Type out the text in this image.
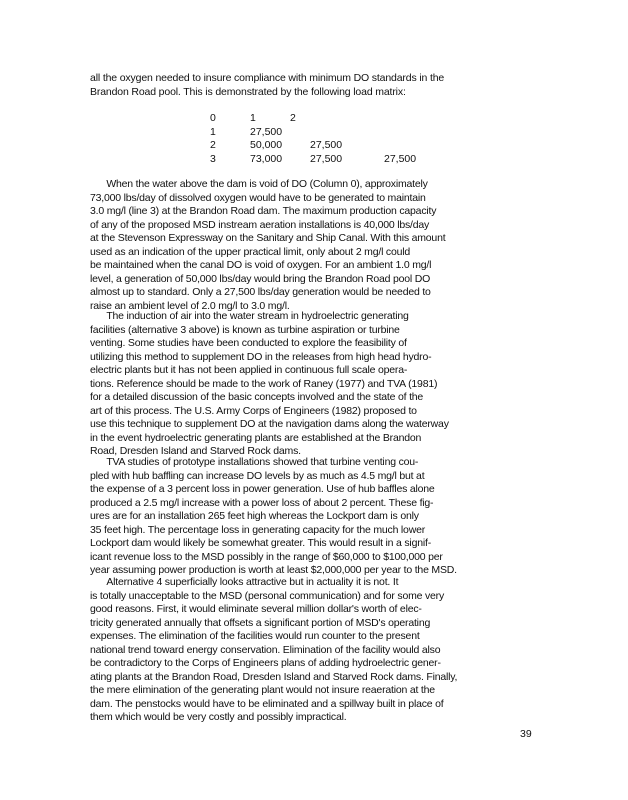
all the oxygen needed to insure compliance with minimum DO standards in the
Brandon Road pool. This is demonstrated by the following load matrix:
0	1	2
1	27,500
2	50,000	27,500
3	73,000	27,500	27,500
When the water above the dam is void of DO (Column 0), approximately
73,000 lbs/day of dissolved oxygen would have to be generated to maintain
3.0 mg/l (line 3) at the Brandon Road dam. The maximum production capacity
of any of the proposed MSD instream aeration installations is 40,000 lbs/day
at the Stevenson Expressway on the Sanitary and Ship Canal. With this amount
used as an indication of the upper practical limit, only about 2 mg/l could
be maintained when the canal DO is void of oxygen. For an ambient 1.0 mg/l
level, a generation of 50,000 lbs/day would bring the Brandon Road pool DO
almost up to standard. Only a 27,500 lbs/day generation would be needed to
raise an ambient level of 2.0 mg/l to 3.0 mg/l.
The induction of air into the water stream in hydroelectric generating
facilities (alternative 3 above) is known as turbine aspiration or turbine
venting. Some studies have been conducted to explore the feasibility of
utilizing this method to supplement DO in the releases from high head hydro-
electric plants but it has not been applied in continuous full scale opera-
tions. Reference should be made to the work of Raney (1977) and TVA (1981)
for a detailed discussion of the basic concepts involved and the state of the
art of this process. The U.S. Army Corps of Engineers (1982) proposed to
use this technique to supplement DO at the navigation dams along the waterway
in the event hydroelectric generating plants are established at the Brandon
Road, Dresden Island and Starved Rock dams.
TVA studies of prototype installations showed that turbine venting cou-
pled with hub baffling can increase DO levels by as much as 4.5 mg/l but at
the expense of a 3 percent loss in power generation. Use of hub baffles alone
produced a 2.5 mg/l increase with a power loss of about 2 percent. These fig-
ures are for an installation 265 feet high whereas the Lockport dam is only
35 feet high. The percentage loss in generating capacity for the much lower
Lockport dam would likely be somewhat greater. This would result in a signif-
icant revenue loss to the MSD possibly in the range of $60,000 to $100,000 per
year assuming power production is worth at least $2,000,000 per year to the MSD.
Alternative 4 superficially looks attractive but in actuality it is not. It
is totally unacceptable to the MSD (personal communication) and for some very
good reasons. First, it would eliminate several million dollar's worth of elec-
tricity generated annually that offsets a significant portion of MSD's operating
expenses. The elimination of the facilities would run counter to the present
national trend toward energy conservation. Elimination of the facility would also
be contradictory to the Corps of Engineers plans of adding hydroelectric gener-
ating plants at the Brandon Road, Dresden Island and Starved Rock dams. Finally,
the mere elimination of the generating plant would not insure reaeration at the
dam. The penstocks would have to be eliminated and a spillway built in place of
them which would be very costly and possibly impractical.
39
